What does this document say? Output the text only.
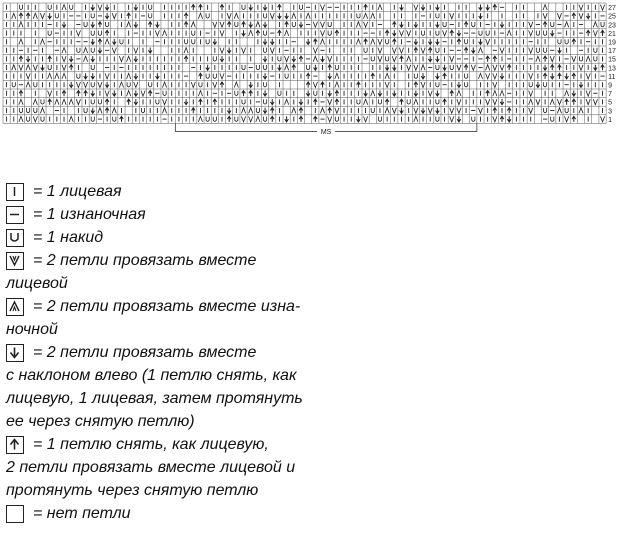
27
25
23
21
19
17
15
13
11
9
7
5
3
1
MS
= 1 лицевая
= 1 изнаночная
= 1 накид
= 2 петли провязать вместе
лицевой
= 2 петли провязать вместе изна-
ночной
= 2 петли провязать вместе
с наклоном влево (1 петлю снять, как
лицевую, 1 лицевая, затем протянуть
ее через снятую петлю)
= 1 петлю снять, как лицевую,
2 петли провязать вместе лицевой и
протянуть через снятую петлю
= нет петли
